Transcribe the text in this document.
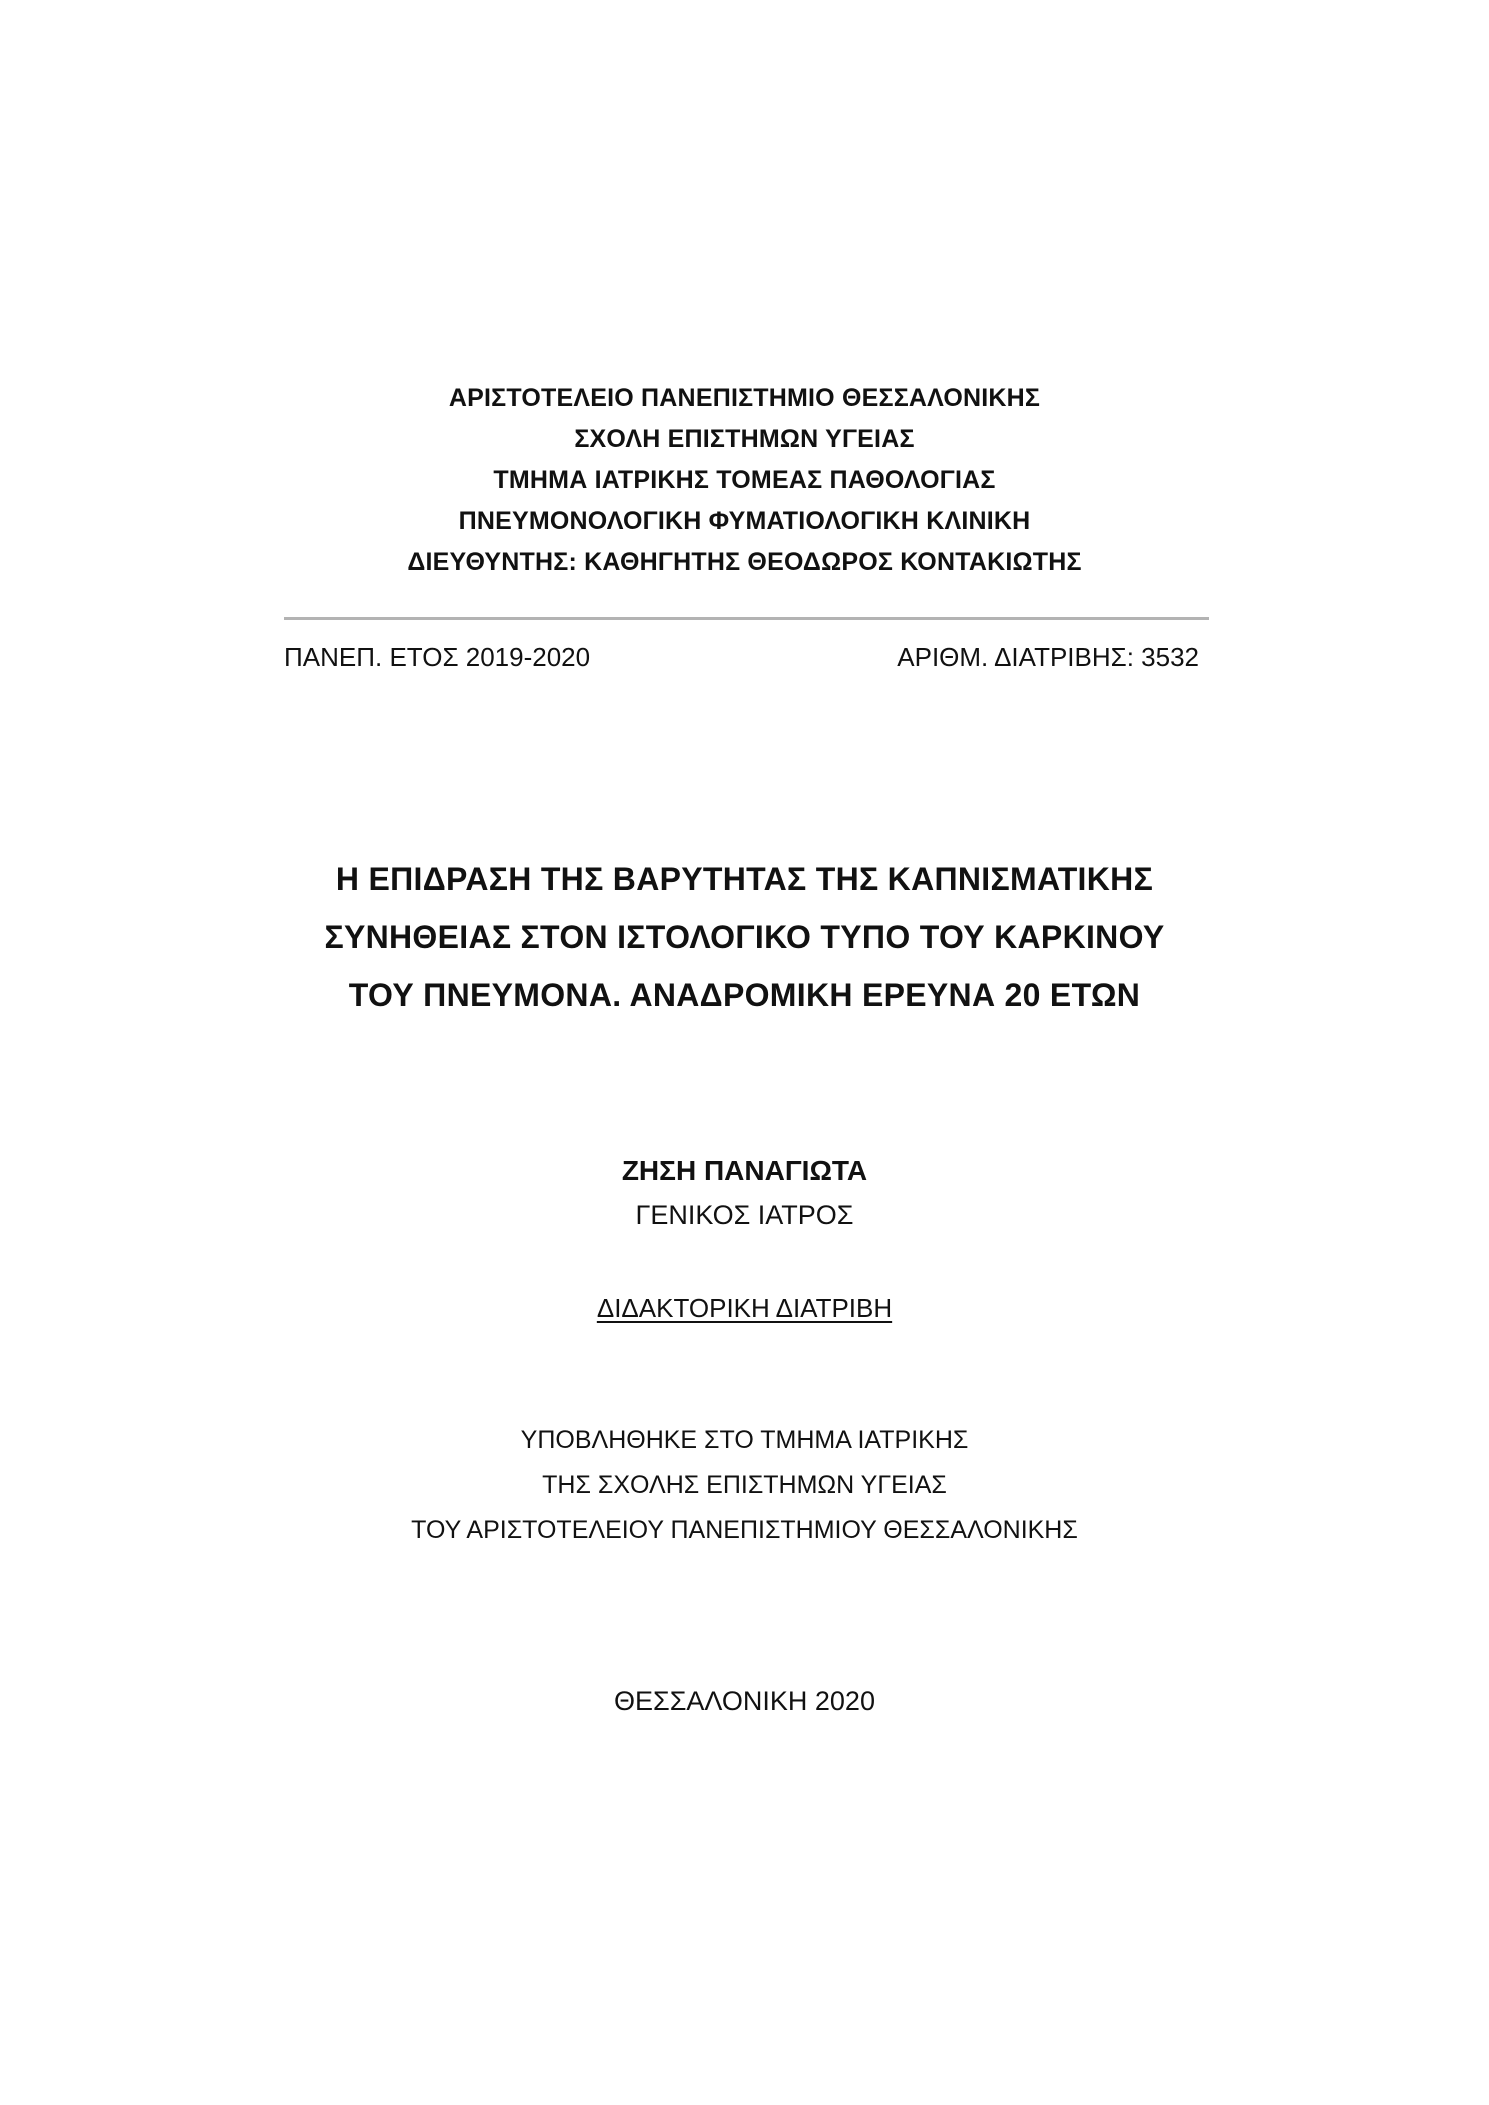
ΑΡΙΣΤΟΤΕΛΕΙΟ ΠΑΝΕΠΙΣΤΗΜΙΟ ΘΕΣΣΑΛΟΝΙΚΗΣ
ΣΧΟΛΗ ΕΠΙΣΤΗΜΩΝ ΥΓΕΙΑΣ
ΤΜΗΜΑ ΙΑΤΡΙΚΗΣ ΤΟΜΕΑΣ ΠΑΘΟΛΟΓΙΑΣ
ΠΝΕΥΜΟΝΟΛΟΓΙΚΗ ΦΥΜΑΤΙΟΛΟΓΙΚΗ ΚΛΙΝΙΚΗ
ΔΙΕΥΘΥΝΤΗΣ: ΚΑΘΗΓΗΤΗΣ ΘΕΟΔΩΡΟΣ ΚΟΝΤΑΚΙΩΤΗΣ
ΠΑΝΕΠ. ΕΤΟΣ 2019-2020	ΑΡΙΘΜ. ΔΙΑΤΡΙΒΗΣ: 3532
Η ΕΠΙΔΡΑΣΗ ΤΗΣ ΒΑΡΥΤΗΤΑΣ ΤΗΣ ΚΑΠΝΙΣΜΑΤΙΚΗΣ
ΣΥΝΗΘΕΙΑΣ ΣΤΟΝ ΙΣΤΟΛΟΓΙΚΟ ΤΥΠΟ ΤΟΥ ΚΑΡΚΙΝΟΥ
ΤΟΥ ΠΝΕΥΜΟΝΑ. ΑΝΑΔΡΟΜΙΚΗ ΕΡΕΥΝΑ 20 ΕΤΩΝ
ΖΗΣΗ ΠΑΝΑΓΙΩΤΑ
ΓΕΝΙΚΟΣ ΙΑΤΡΟΣ
ΔΙΔΑΚΤΟΡΙΚΗ ΔΙΑΤΡΙΒΗ
ΥΠΟΒΛΗΘΗΚΕ ΣΤΟ ΤΜΗΜΑ ΙΑΤΡΙΚΗΣ
ΤΗΣ ΣΧΟΛΗΣ ΕΠΙΣΤΗΜΩΝ ΥΓΕΙΑΣ
ΤΟΥ ΑΡΙΣΤΟΤΕΛΕΙΟΥ ΠΑΝΕΠΙΣΤΗΜΙΟΥ ΘΕΣΣΑΛΟΝΙΚΗΣ
ΘΕΣΣΑΛΟΝΙΚΗ 2020
